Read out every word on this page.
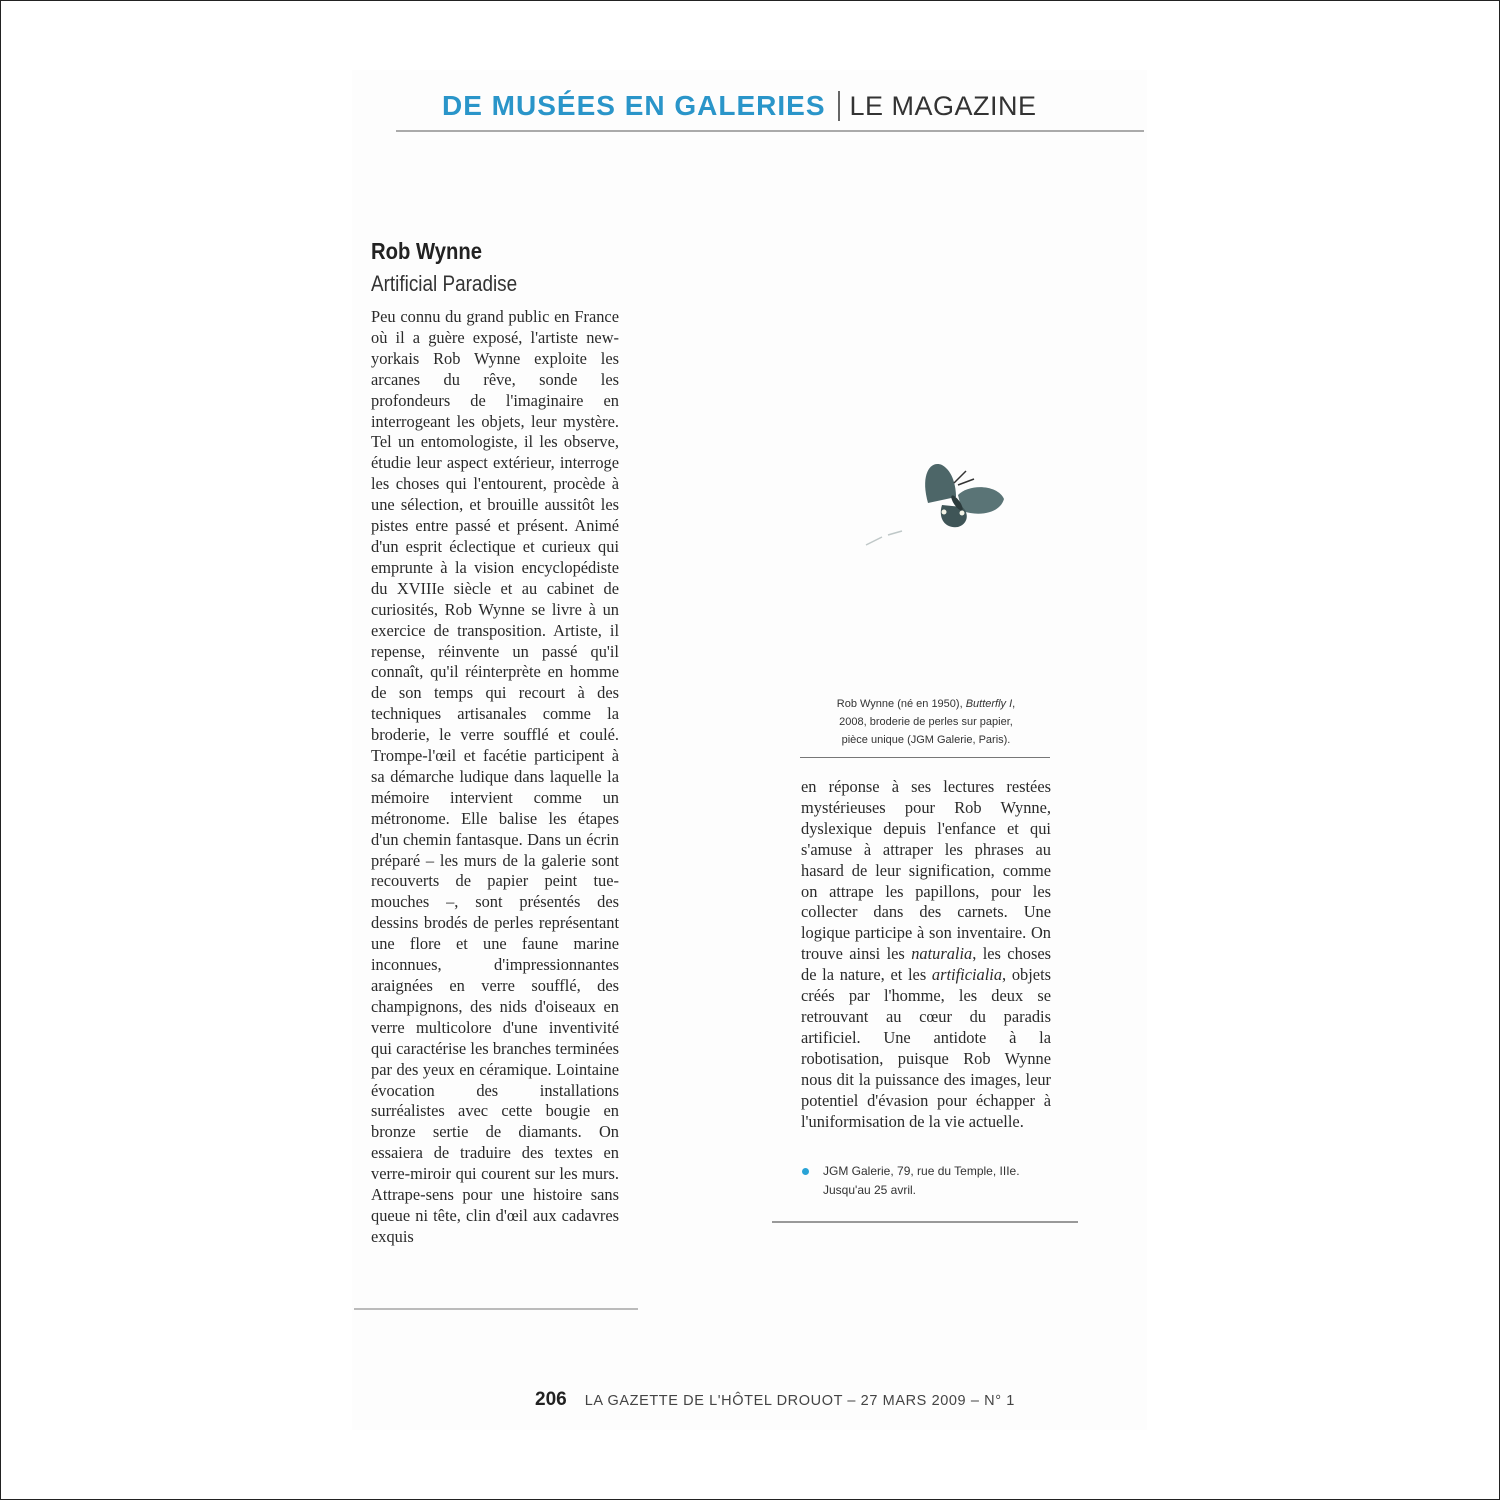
DE MUSÉES EN GALERIES LE MAGAZINE
Rob Wynne
Artificial Paradise
Peu connu du grand public en France où il a guère exposé, l'artiste new-yorkais Rob Wynne exploite les arcanes du rêve, sonde les profondeurs de l'imaginaire en interrogeant les objets, leur mystère. Tel un entomologiste, il les observe, étudie leur aspect extérieur, interroge les choses qui l'entourent, procède à une sélection, et brouille aussitôt les pistes entre passé et présent. Animé d'un esprit éclectique et curieux qui emprunte à la vision encyclopédiste du XVIIIe siècle et au cabinet de curiosités, Rob Wynne se livre à un exercice de transposition. Artiste, il repense, réinvente un passé qu'il connaît, qu'il réinterprète en homme de son temps qui recourt à des techniques artisanales comme la broderie, le verre soufflé et coulé. Trompe-l'œil et facétie participent à sa démarche ludique dans laquelle la mémoire intervient comme un métronome. Elle balise les étapes d'un chemin fantasque. Dans un écrin préparé – les murs de la galerie sont recouverts de papier peint tue-mouches –, sont présentés des dessins brodés de perles représentant une flore et une faune marine inconnues, d'impressionnantes araignées en verre soufflé, des champignons, des nids d'oiseaux en verre multicolore d'une inventivité qui caractérise les branches terminées par des yeux en céramique. Lointaine évocation des installations surréalistes avec cette bougie en bronze sertie de diamants. On essaiera de traduire des textes en verre-miroir qui courent sur les murs. Attrape-sens pour une histoire sans queue ni tête, clin d'œil aux cadavres exquis
Rob Wynne (né en 1950), Butterfly I,
2008, broderie de perles sur papier,
pièce unique (JGM Galerie, Paris).
en réponse à ses lectures restées mystérieuses pour Rob Wynne, dyslexique depuis l'enfance et qui s'amuse à attraper les phrases au hasard de leur signification, comme on attrape les papillons, pour les collecter dans des carnets. Une logique participe à son inventaire. On trouve ainsi les naturalia, les choses de la nature, et les artificialia, objets créés par l'homme, les deux se retrouvant au cœur du paradis artificiel. Une antidote à la robotisation, puisque Rob Wynne nous dit la puissance des images, leur potentiel d'évasion pour échapper à l'uniformisation de la vie actuelle.
JGM Galerie, 79, rue du Temple, IIIe.

Jusqu'au 25 avril.
206 LA GAZETTE DE L'HÔTEL DROUOT – 27 MARS 2009 – N° 1
